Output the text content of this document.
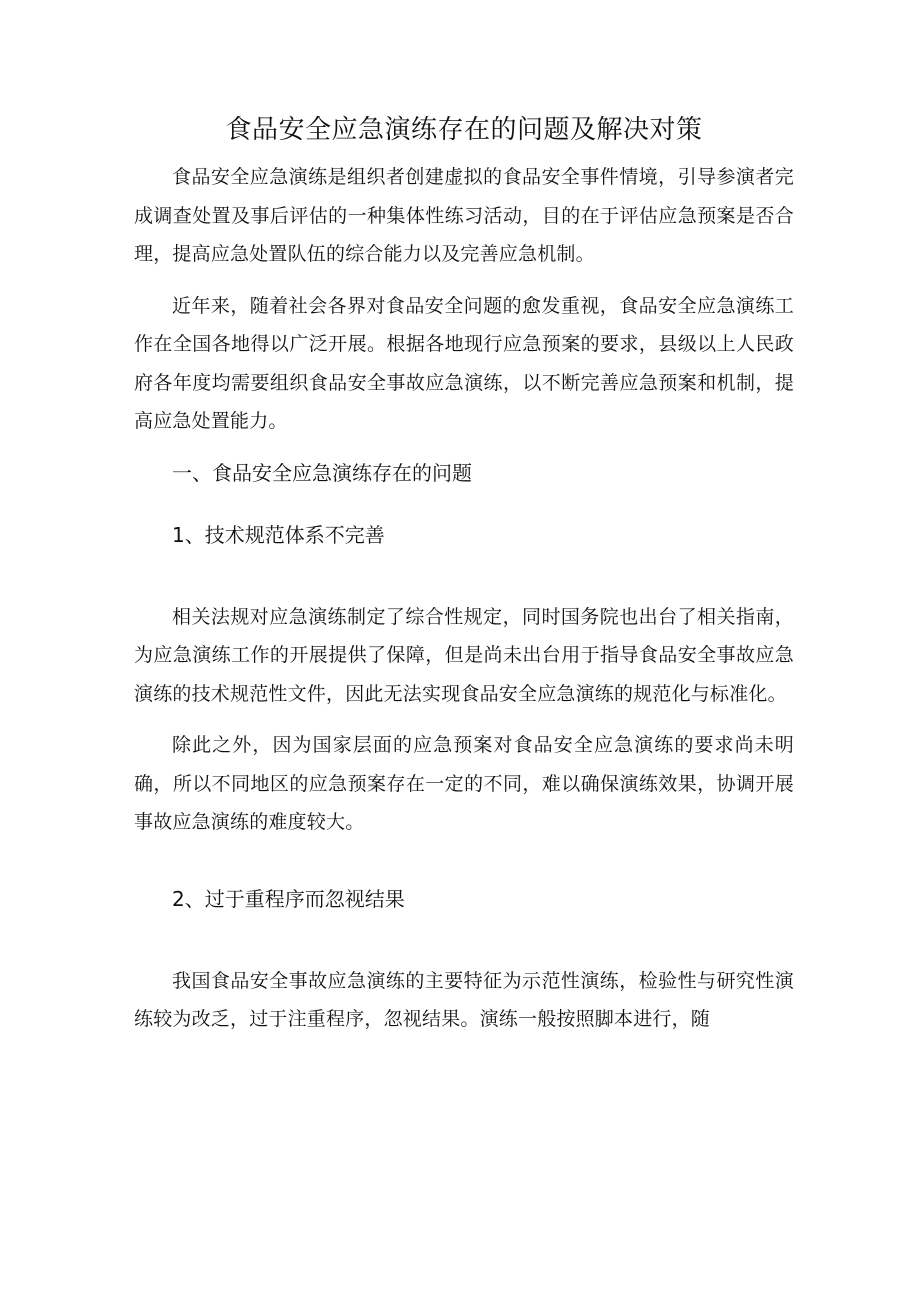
食品安全应急演练存在的问题及解决对策

食品安全应急演练是组织者创建虚拟的食品安全事件情境，引导参演者完成调查处置及事后评估的一种集体性练习活动，目的在于评估应急预案是否合理，提高应急处置队伍的综合能力以及完善应急机制。

近年来，随着社会各界对食品安全问题的愈发重视，食品安全应急演练工作在全国各地得以广泛开展。根据各地现行应急预案的要求，县级以上人民政府各年度均需要组织食品安全事故应急演练，以不断完善应急预案和机制，提高应急处置能力。

一、食品安全应急演练存在的问题
1、技术规范体系不完善

相关法规对应急演练制定了综合性规定，同时国务院也出台了相关指南，为应急演练工作的开展提供了保障，但是尚未出台用于指导食品安全事故应急演练的技术规范性文件，因此无法实现食品安全应急演练的规范化与标准化。

除此之外，因为国家层面的应急预案对食品安全应急演练的要求尚未明确，所以不同地区的应急预案存在一定的不同，难以确保演练效果，协调开展事故应急演练的难度较大。

2、过于重程序而忽视结果

我国食品安全事故应急演练的主要特征为示范性演练，检验性与研究性演练较为改乏，过于注重程序，忽视结果。演练一般按照脚本进行，随
